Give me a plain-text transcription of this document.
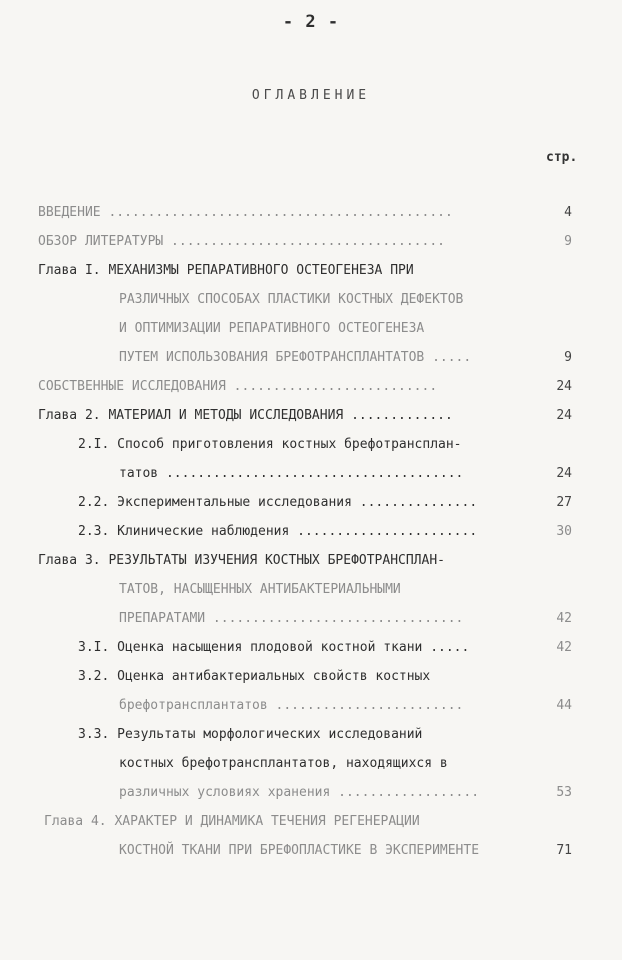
- 2 -
ОГЛАВЛЕНИЕ
стр.
ВВЕДЕНИЕ ............................................	4
ОБЗОР ЛИТЕРАТУРЫ ...................................	9
Глава I. МЕХАНИЗМЫ РЕПАРАТИВНОГО ОСТЕОГЕНЕЗА ПРИ
РАЗЛИЧНЫХ СПОСОБАХ ПЛАСТИКИ КОСТНЫХ ДЕФЕКТОВ
И ОПТИМИЗАЦИИ РЕПАРАТИВНОГО ОСТЕОГЕНЕЗА
ПУТЕМ ИСПОЛЬЗОВАНИЯ БРЕФОТРАНСПЛАНТАТОВ .....	9
СОБСТВЕННЫЕ ИССЛЕДОВАНИЯ ..........................	24
Глава 2. МАТЕРИАЛ И МЕТОДЫ ИССЛЕДОВАНИЯ .............	24
2.I. Способ приготовления костных брефотрансплан-
татов ......................................	24
2.2. Экспериментальные исследования ...............	27
2.3. Клинические наблюдения .......................	30
Глава 3. РЕЗУЛЬТАТЫ ИЗУЧЕНИЯ КОСТНЫХ БРЕФОТРАНСПЛАН-
ТАТОВ, НАСЫЩЕННЫХ АНТИБАКТЕРИАЛЬНЫМИ
ПРЕПАРАТАМИ ................................	42
3.I. Оценка насыщения плодовой костной ткани .....	42
3.2. Оценка антибактериальных свойств костных
брефотрансплантатов ........................	44
3.3. Результаты морфологических исследований
костных брефотрансплантатов, находящихся в
различных условиях хранения ..................	53
Глава 4. ХАРАКТЕР И ДИНАМИКА ТЕЧЕНИЯ РЕГЕНЕРАЦИИ
КОСТНОЙ ТКАНИ ПРИ БРЕФОПЛАСТИКЕ В ЭКСПЕРИМЕНТЕ	71
